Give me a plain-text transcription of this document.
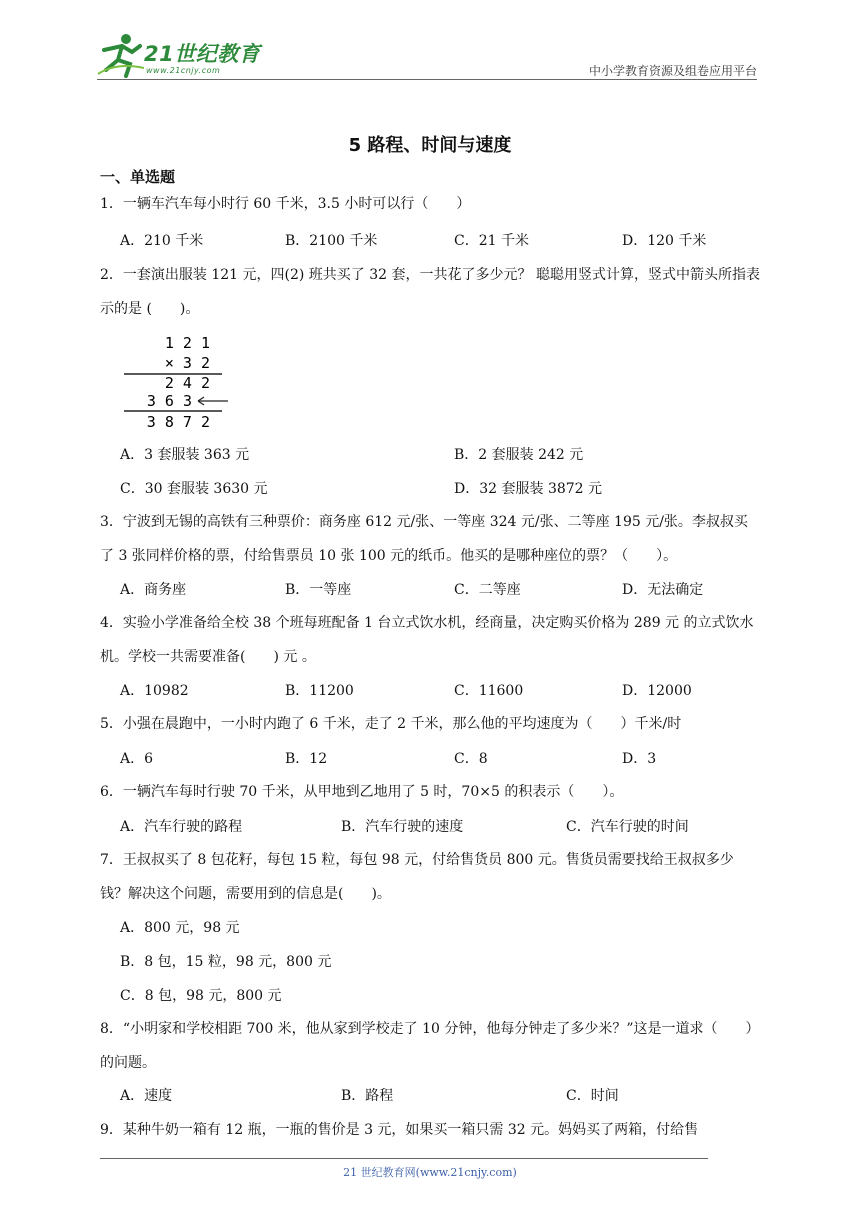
21世纪教育
www.21cnjy.com	中小学教育资源及组卷应用平台
5 路程、时间与速度
一、单选题
1．一辆车汽车每小时行 60 千米，3.5 小时可以行（　　）
A．210 千米	B．2100 千米	C．21 千米	D．120 千米
2．一套演出服装 121 元，四(2) 班共买了 32 套，一共花了多少元？ 聪聪用竖式计算，竖式中箭头所指表示的是 (　　)。
1 2 1
× 3 2
2 4 2
3 6 3
3 8 7 2
A．3 套服装 363 元	B．2 套服装 242 元
C．30 套服装 3630 元	D．32 套服装 3872 元
3．宁波到无锡的高铁有三种票价：商务座 612 元/张、一等座 324 元/张、二等座 195 元/张。李叔叔买了 3 张同样价格的票，付给售票员 10 张 100 元的纸币。他买的是哪种座位的票？（　　）。
A．商务座	B．一等座	C．二等座	D．无法确定
4．实验小学准备给全校 38 个班每班配备 1 台立式饮水机，经商量，决定购买价格为 289 元 的立式饮水机。学校一共需要准备(　　) 元 。
A．10982	B．11200	C．11600	D．12000
5．小强在晨跑中，一小时内跑了 6 千米，走了 2 千米，那么他的平均速度为（　　）千米/时
A．6	B．12	C．8	D．3
6．一辆汽车每时行驶 70 千米，从甲地到乙地用了 5 时，70×5 的积表示（　　）。
A．汽车行驶的路程	B．汽车行驶的速度	C．汽车行驶的时间
7．王叔叔买了 8 包花籽，每包 15 粒，每包 98 元，付给售货员 800 元。售货员需要找给王叔叔多少钱？解决这个问题，需要用到的信息是(　　)。
A．800 元，98 元
B．8 包，15 粒，98 元，800 元
C．8 包，98 元，800 元
8．“小明家和学校相距 700 米，他从家到学校走了 10 分钟，他每分钟走了多少米？”这是一道求（　　）的问题。
A．速度	B．路程	C．时间
9．某种牛奶一箱有 12 瓶，一瓶的售价是 3 元，如果买一箱只需 32 元。妈妈买了两箱，付给售
21 世纪教育网(www.21cnjy.com)
